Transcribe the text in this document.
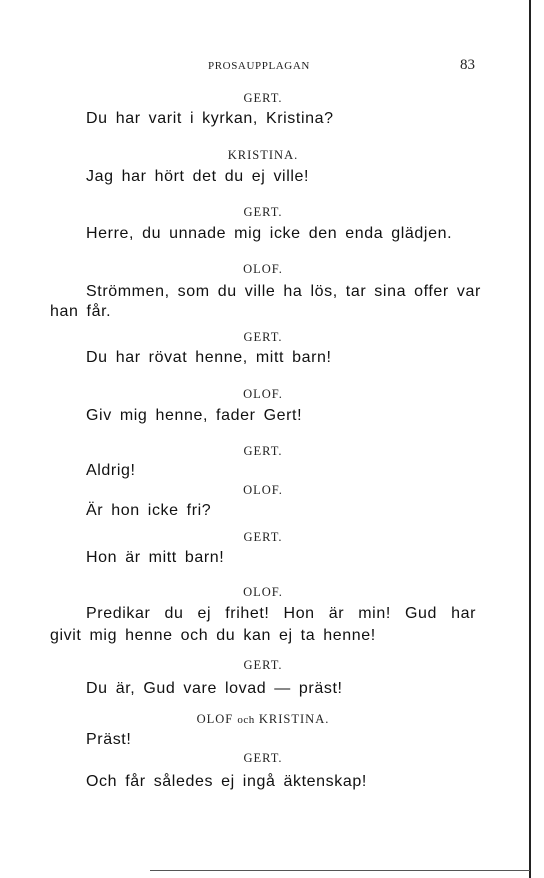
PROSAUPPLAGAN	83
GERT.
Du har varit i kyrkan, Kristina?
KRISTINA.
Jag har hört det du ej ville!
GERT.
Herre, du unnade mig icke den enda glädjen.
OLOF.
Strömmen, som du ville ha lös, tar sina offer var
han får.
GERT.
Du har rövat henne, mitt barn!
OLOF.
Giv mig henne, fader Gert!
GERT.
Aldrig!
OLOF.
Är hon icke fri?
GERT.
Hon är mitt barn!
OLOF.
Predikar du ej frihet! Hon är min! Gud har
givit mig henne och du kan ej ta henne!
GERT.
Du är, Gud vare lovad — präst!
OLOF och KRISTINA.
Präst!
GERT.
Och får således ej ingå äktenskap!
